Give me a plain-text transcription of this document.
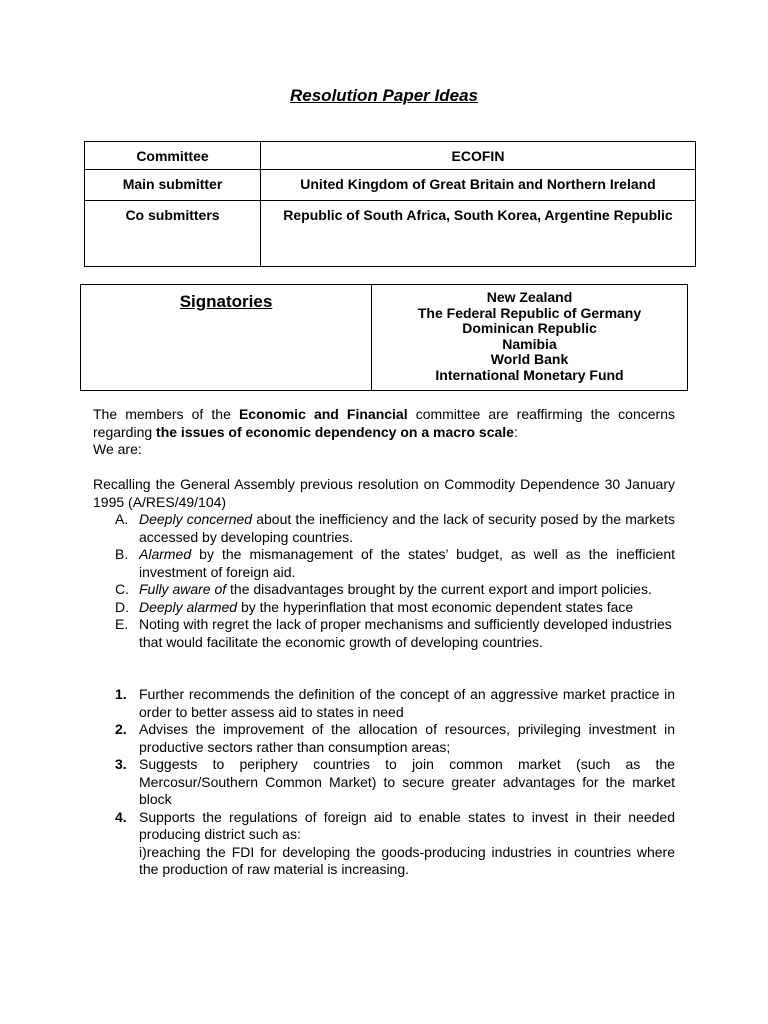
Resolution Paper Ideas
Committee	ECOFIN
Main submitter	United Kingdom of Great Britain and Northern Ireland
Co submitters	Republic of South Africa, South Korea, Argentine Republic
Signatories	New Zealand
The Federal Republic of Germany
Dominican Republic
Namibia
World Bank
International Monetary Fund

The members of the Economic and Financial committee are reaffirming the concerns regarding the issues of economic dependency on a macro scale:

We are:

Recalling the General Assembly previous resolution on Commodity Dependence 30 January 1995 (A/RES/49/104)

A. Deeply concerned about the inefficiency and the lack of security posed by the markets accessed by developing countries.
B. Alarmed by the mismanagement of the states’ budget, as well as the inefficient investment of foreign aid.
C. Fully aware of the disadvantages brought by the current export and import policies.
D. Deeply alarmed by the hyperinflation that most economic dependent states face
E. Noting with regret the lack of proper mechanisms and sufficiently developed industries that would facilitate the economic growth of developing countries.
1. Further recommends the definition of the concept of an aggressive market practice in order to better assess aid to states in need
2. Advises the improvement of the allocation of resources, privileging investment in productive sectors rather than consumption areas;
3. Suggests to periphery countries to join common market (such as the Mercosur/Southern Common Market) to secure greater advantages for the market block
4. Supports the regulations of foreign aid to enable states to invest in their needed producing district such as:
i)reaching the FDI for developing the goods-producing industries in countries where the production of raw material is increasing.
